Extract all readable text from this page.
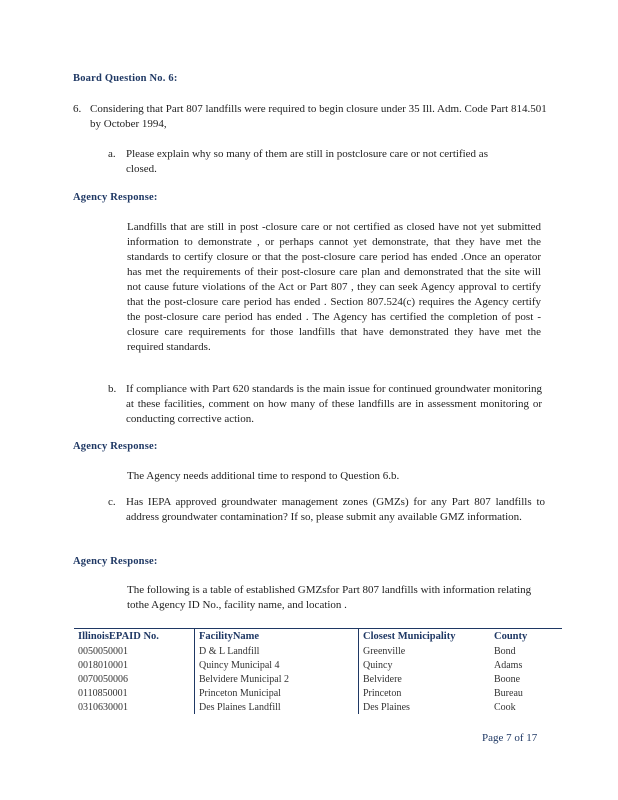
Board Question No. 6:
6. Considering that Part 807 landfills were required to begin closure under 35 Ill. Adm. Code Part 814.501 by October 1994,
a. Please explain why so many of them are still in postclosure care or not certified as closed.
Agency Response:
Landfills that are still in post -closure care or not certified as closed have not yet submitted information to demonstrate , or perhaps cannot yet demonstrate, that they have met the standards to certify closure or that the post-closure care period has ended .Once an operator has met the requirements of their post-closure care plan and demonstrated that the site will not cause future violations of the Act or Part 807 , they can seek Agency approval to certify that the post-closure care period has ended . Section 807.524(c) requires the Agency certify the post-closure care period has ended . The Agency has certified the completion of post -closure care requirements for those landfills that have demonstrated they have met the required standards.
b. If compliance with Part 620 standards is the main issue for continued groundwater monitoring at these facilities, comment on how many of these landfills are in assessment monitoring or conducting corrective action.
Agency Response:
The Agency needs additional time to respond to Question 6.b.
c. Has IEPA approved groundwater management zones (GMZs) for any Part 807 landfills to address groundwater contamination? If so, please submit any available GMZ information.
Agency Response:
The following is a table of established GMZsfor Part 807 landfills with information relating tothe Agency ID No., facility name, and location .
IllinoisEPAID No.	FacilityName	Closest Municipality	County
0050050001	D & L Landfill	Greenville	Bond
0018010001	Quincy Municipal 4	Quincy	Adams
0070050006	Belvidere Municipal 2	Belvidere	Boone
0110850001	Princeton Municipal	Princeton	Bureau
0310630001	Des Plaines Landfill	Des Plaines	Cook
Page 7 of 17
